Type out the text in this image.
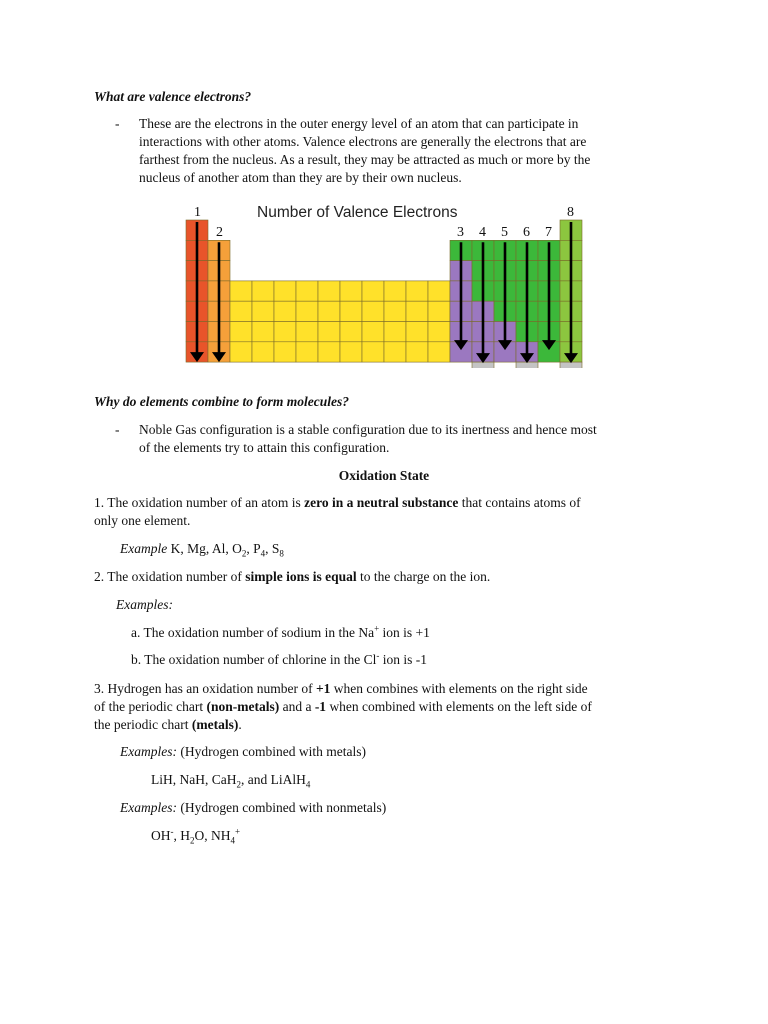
What are valence electrons?
- These are the electrons in the outer energy level of an atom that can participate in
interactions with other atoms. Valence electrons are generally the electrons that are
farthest from the nucleus. As a result, they may be attracted as much or more by the
nucleus of another atom than they are by their own nucleus.
Number of Valence Electrons
1
2	3 4 5 6 7
8
Why do elements combine to form molecules?
- Noble Gas configuration is a stable configuration due to its inertness and hence most
of the elements try to attain this configuration.
Oxidation State
1. The oxidation number of an atom is zero in a neutral substance that contains atoms of
only one element.
Example K, Mg, Al, $O_2$, $P_4$, $S_8$
2. The oxidation number of simple ions is equal to the charge on the ion.
Examples:
a. The oxidation number of sodium in the Na+ ion is +1
b. The oxidation number of chlorine in the Cl- ion is -1
3. Hydrogen has an oxidation number of +1 when combines with elements on the right side
of the periodic chart (non-metals) and a -1 when combined with elements on the left side of
the periodic chart (metals).
Examples: (Hydrogen combined with metals)
LiH, NaH, CaH$_2$, and LiAlH$_4$
Examples: (Hydrogen combined with nonmetals)
OH-, $H_2O$, $NH_4^+$
